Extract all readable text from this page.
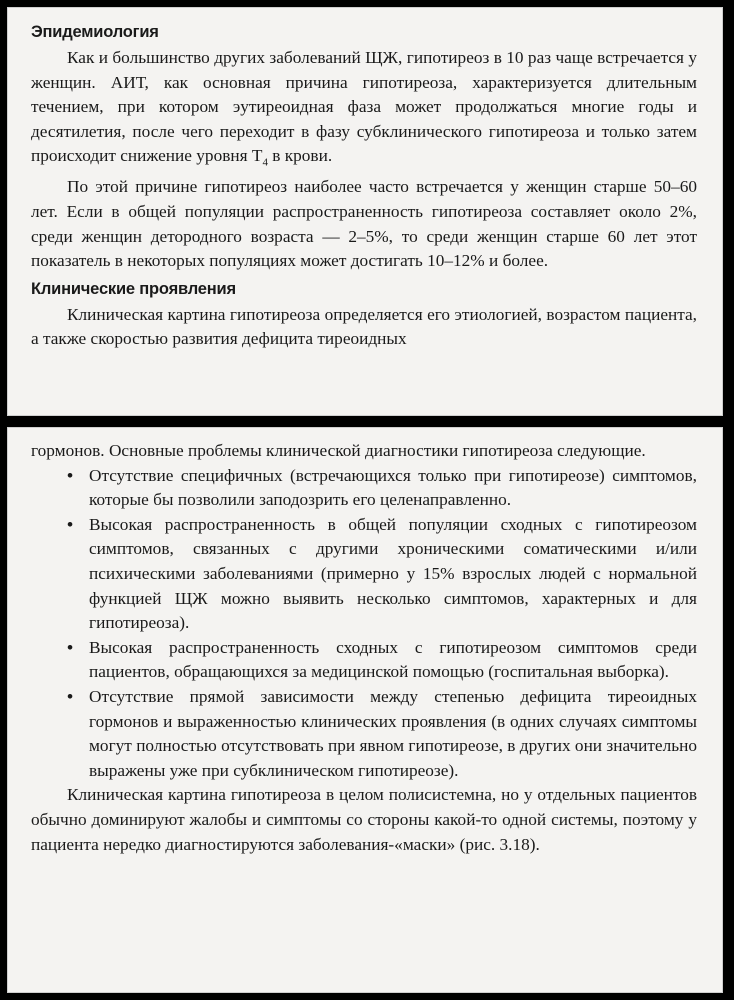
Эпидемиология

Как и большинство других заболеваний ЩЖ, гипотиреоз в 10 раз чаще встречается у женщин. АИТ, как основная причина гипотиреоза, характеризуется длительным течением, при котором эутиреоидная фаза может продолжаться многие годы и десятилетия, после чего переходит в фазу субклинического гипотиреоза и только затем происходит снижение уровня $Т_4$ в крови.

По этой причине гипотиреоз наиболее часто встречается у женщин старше 50–60 лет. Если в общей популяции распространенность гипотиреоза составляет около 2%, среди женщин детородного возраста — 2–5%, то среди женщин старше 60 лет этот показатель в некоторых популяциях может достигать 10–12% и более.

Клинические проявления

Клиническая картина гипотиреоза определяется его этиологией, возрастом пациента, а также скоростью развития дефицита тиреоидных

гормонов. Основные проблемы клинической диагностики гипотиреоза следующие.

• Отсутствие специфичных (встречающихся только при гипотиреозе) симптомов, которые бы позволили заподозрить его целенаправленно.
• Высокая распространенность в общей популяции сходных с гипотиреозом симптомов, связанных с другими хроническими соматическими и/или психическими заболеваниями (примерно у 15% взрослых людей с нормальной функцией ЩЖ можно выявить несколько симптомов, характерных и для гипотиреоза).
• Высокая распространенность сходных с гипотиреозом симптомов среди пациентов, обращающихся за медицинской помощью (госпитальная выборка).
• Отсутствие прямой зависимости между степенью дефицита тиреоидных гормонов и выраженностью клинических проявления (в одних случаях симптомы могут полностью отсутствовать при явном гипотиреозе, в других они значительно выражены уже при субклиническом гипотиреозе).

Клиническая картина гипотиреоза в целом полисистемна, но у отдельных пациентов обычно доминируют жалобы и симптомы со стороны какой-то одной системы, поэтому у пациента нередко диагностируются заболевания-«маски» (рис. 3.18).
